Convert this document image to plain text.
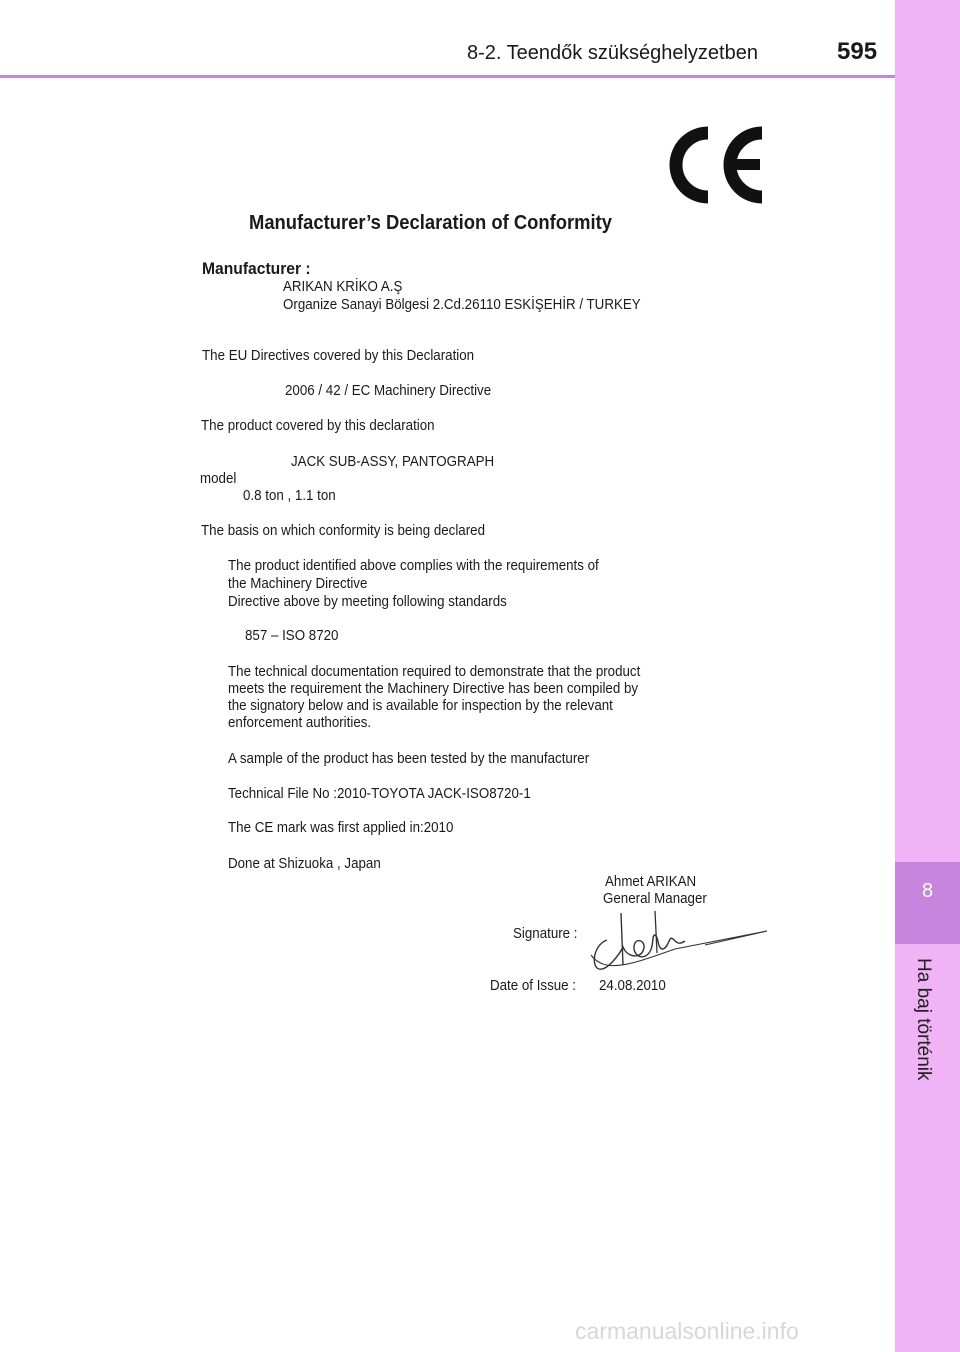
8-2. Teendők szükséghelyzetben	595
8
Ha baj történik
Manufacturer’s Declaration of Conformity
Manufacturer :
ARIKAN KRİKO A.Ş
Organize Sanayi Bölgesi 2.Cd.26110 ESKİŞEHİR / TURKEY
The EU Directives covered by this Declaration
2006 / 42 / EC Machinery Directive
The product covered by this declaration
JACK SUB-ASSY, PANTOGRAPH
model
0.8 ton , 1.1 ton
The basis on which conformity is being declared
The product identified above complies with the requirements of
the Machinery Directive
Directive above by meeting following standards
857 – ISO 8720
The technical documentation required to demonstrate that the product
meets the requirement the Machinery Directive has been compiled by
the signatory below and is available for inspection by the relevant
enforcement authorities.
A sample of the product has been tested by the manufacturer
Technical File No :2010-TOYOTA JACK-ISO8720-1
The CE mark was first applied in:2010
Done at Shizuoka , Japan
Ahmet ARIKAN
General Manager
Signature :
Date of Issue : 24.08.2010
carmanualsonline.info
